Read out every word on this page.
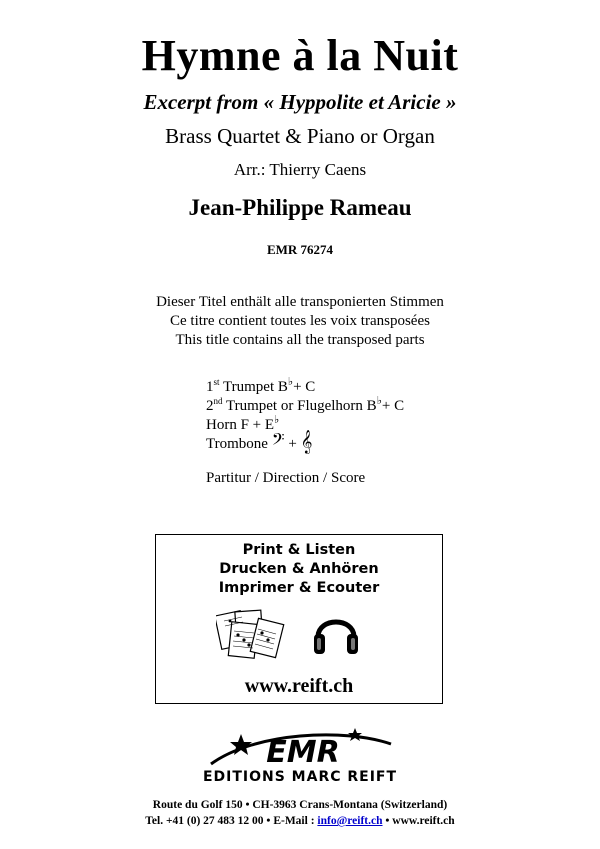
Hymne à la Nuit
Excerpt from « Hyppolite et Aricie »
Brass Quartet & Piano or Organ
Arr.: Thierry Caens
Jean-Philippe Rameau
EMR 76274
Dieser Titel enthält alle transponierten Stimmen
Ce titre contient toutes les voix transposées
This title contains all the transposed parts
1st Trumpet B♭+ C
2nd Trumpet or Flugelhorn B♭+ C
Horn F + E♭
Trombone 𝄢 + 𝄞
Partitur / Direction / Score
Print & Listen
Drucken & Anhören
Imprimer & Ecouter
www.reift.ch
EMR
EDITIONS MARC REIFT
Route du Golf 150 • CH-3963 Crans-Montana (Switzerland)
Tel. +41 (0) 27 483 12 00 • E-Mail : info@reift.ch • www.reift.ch
